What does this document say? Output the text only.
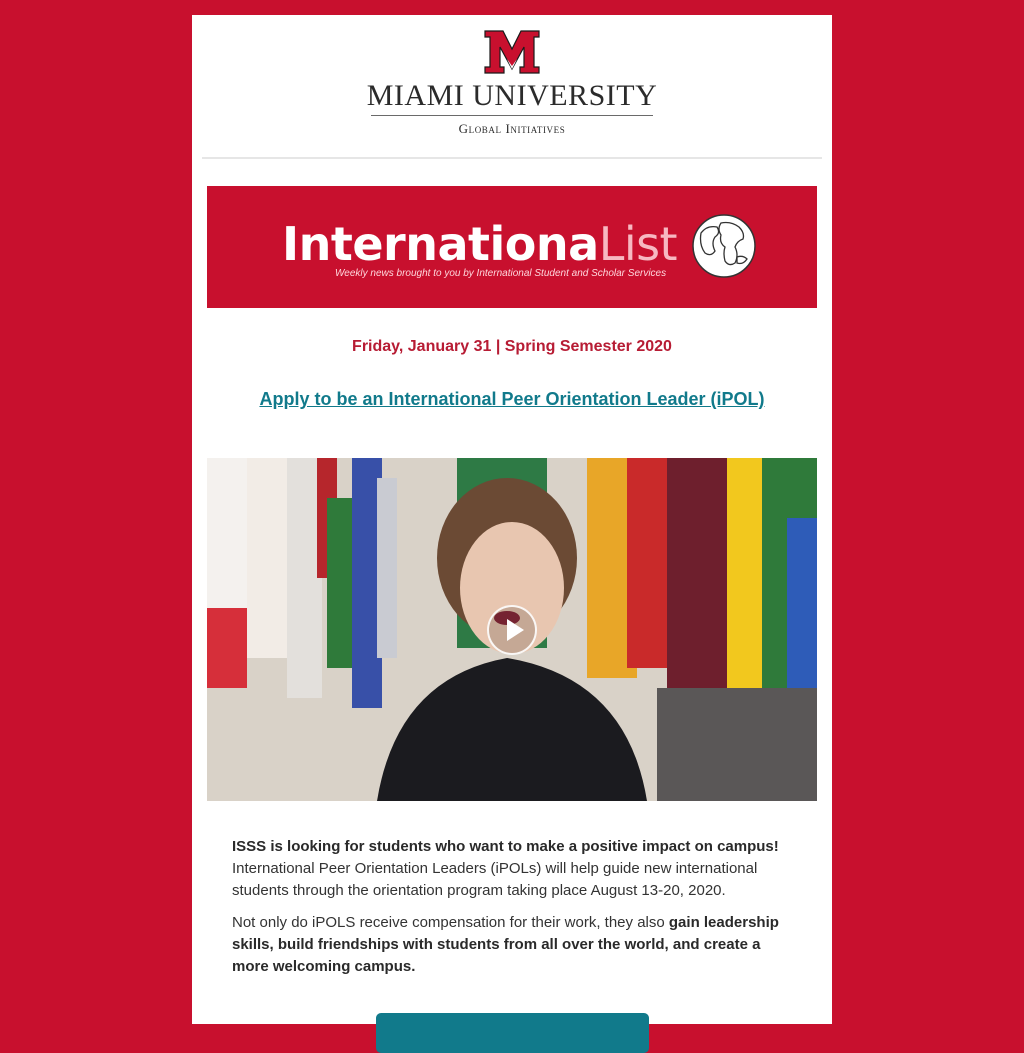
MIAMI UNIVERSITY
Global Initiatives
InternationaList
Weekly news brought to you by International Student and Scholar Services
Friday, January 31 | Spring Semester 2020
Apply to be an International Peer Orientation Leader (iPOL)

ISSS is looking for students who want to make a positive impact on campus!
International Peer Orientation Leaders (iPOLs) will help guide new international students through the orientation program taking place August 13-20, 2020.

Not only do iPOLS receive compensation for their work, they also gain leadership skills, build friendships with students from all over the world, and create a more welcoming campus.
